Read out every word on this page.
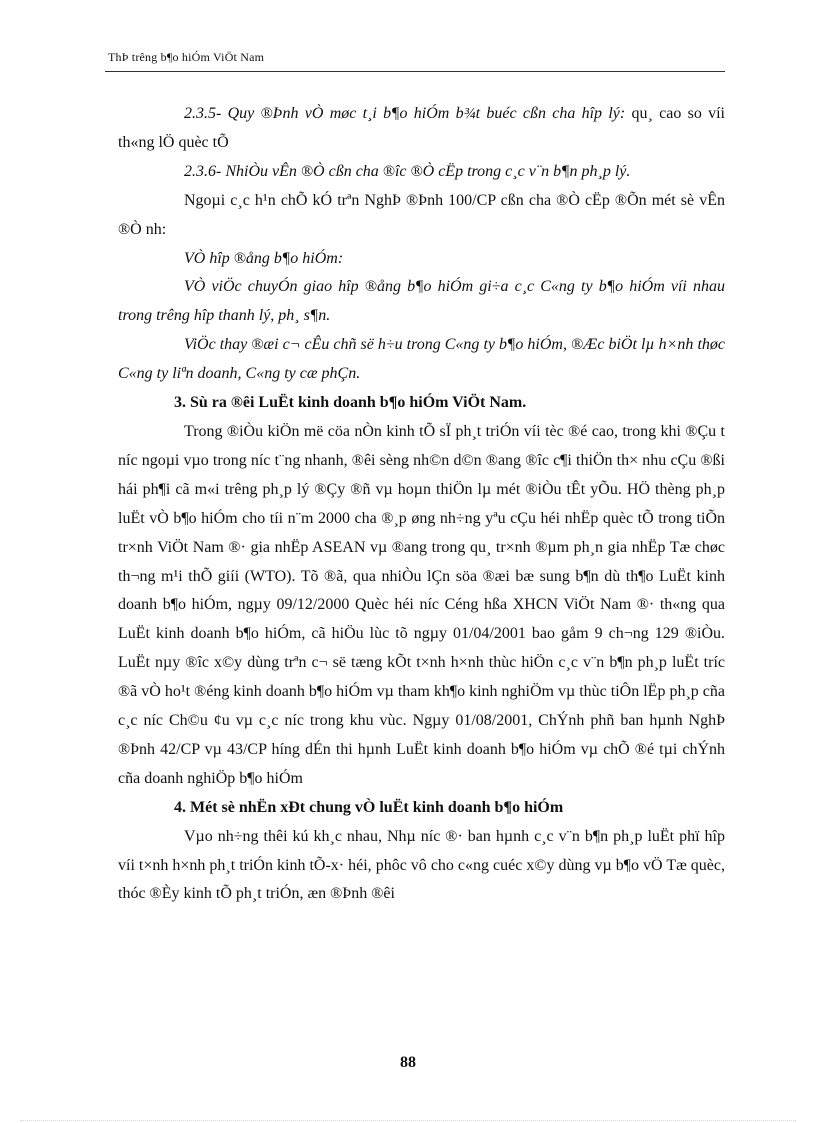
ThÞ trêng b¶o hiÓm ViÖt Nam

2.3.5- Quy ®Þnh vÒ møc t¸i b¶o hiÓm b¾t buéc cßn cha hîp lý: qu¸ cao so víi th«ng lÖ quèc tÕ

2.3.6- NhiÒu vÊn ®Ò cßn cha ®îc ®Ò cËp trong c¸c v¨n b¶n ph¸p lý.

Ngoµi c¸c h¹n chÕ kÓ trªn NghÞ ®Þnh 100/CP cßn cha ®Ò cËp ®Õn mét sè vÊn ®Ò nh:

VÒ hîp ®ång b¶o hiÓm:

VÒ viÖc chuyÓn giao hîp ®ång b¶o hiÓm gi÷a c¸c C«ng ty b¶o hiÓm víi nhau trong trêng hîp thanh lý, ph¸ s¶n.

ViÖc thay ®æi c¬ cÊu chñ së h÷u trong C«ng ty b¶o hiÓm, ®Æc biÖt lµ h×nh thøc C«ng ty liªn doanh, C«ng ty cæ phÇn.

3. Sù ra ®êi LuËt kinh doanh b¶o hiÓm ViÖt Nam.

Trong ®iÒu kiÖn më cöa nÒn kinh tÕ sÏ ph¸t triÓn víi tèc ®é cao, trong khi ®Çu t níc ngoµi vµo trong níc t¨ng nhanh, ®êi sèng nh©n d©n ®ang ®îc c¶i thiÖn th× nhu cÇu ®ßi hái ph¶i cã m«i trêng ph¸p lý ®Çy ®ñ vµ hoµn thiÖn lµ mét ®iÒu tÊt yÕu. HÖ thèng ph¸p luËt vÒ b¶o hiÓm cho tíi n¨m 2000 cha ®¸p øng nh÷ng yªu cÇu héi nhËp quèc tÕ trong tiÕn tr×nh ViÖt Nam ®· gia nhËp ASEAN vµ ®ang trong qu¸ tr×nh ®µm ph¸n gia nhËp Tæ chøc th¬ng m¹i thÕ giíi (WTO). Tõ ®ã, qua nhiÒu lÇn söa ®æi bæ sung b¶n dù th¶o LuËt kinh doanh b¶o hiÓm, ngµy 09/12/2000 Quèc héi níc Céng hßa XHCN ViÖt Nam ®· th«ng qua LuËt kinh doanh b¶o hiÓm, cã hiÖu lùc tõ ngµy 01/04/2001 bao gåm 9 ch¬ng 129 ®iÒu. LuËt nµy ®îc x©y dùng trªn c¬ së tæng kÕt t×nh h×nh thùc hiÖn c¸c v¨n b¶n ph¸p luËt tríc ®ã vÒ ho¹t ®éng kinh doanh b¶o hiÓm vµ tham kh¶o kinh nghiÖm vµ thùc tiÔn lËp ph¸p cña c¸c níc Ch©u ¢u vµ c¸c níc trong khu vùc. Ngµy 01/08/2001, ChÝnh phñ ban hµnh NghÞ ®Þnh 42/CP vµ 43/CP híng dÉn thi hµnh LuËt kinh doanh b¶o hiÓm vµ chÕ ®é tµi chÝnh cña doanh nghiÖp b¶o hiÓm

4. Mét sè nhËn xÐt chung vÒ luËt kinh doanh b¶o hiÓm

Vµo nh÷ng thêi kú kh¸c nhau, Nhµ níc ®· ban hµnh c¸c v¨n b¶n ph¸p luËt phï hîp víi t×nh h×nh ph¸t triÓn kinh tÕ-x· héi, phôc vô cho c«ng cuéc x©y dùng vµ b¶o vÖ Tæ quèc, thóc ®Èy kinh tÕ ph¸t triÓn, æn ®Þnh ®êi

88
